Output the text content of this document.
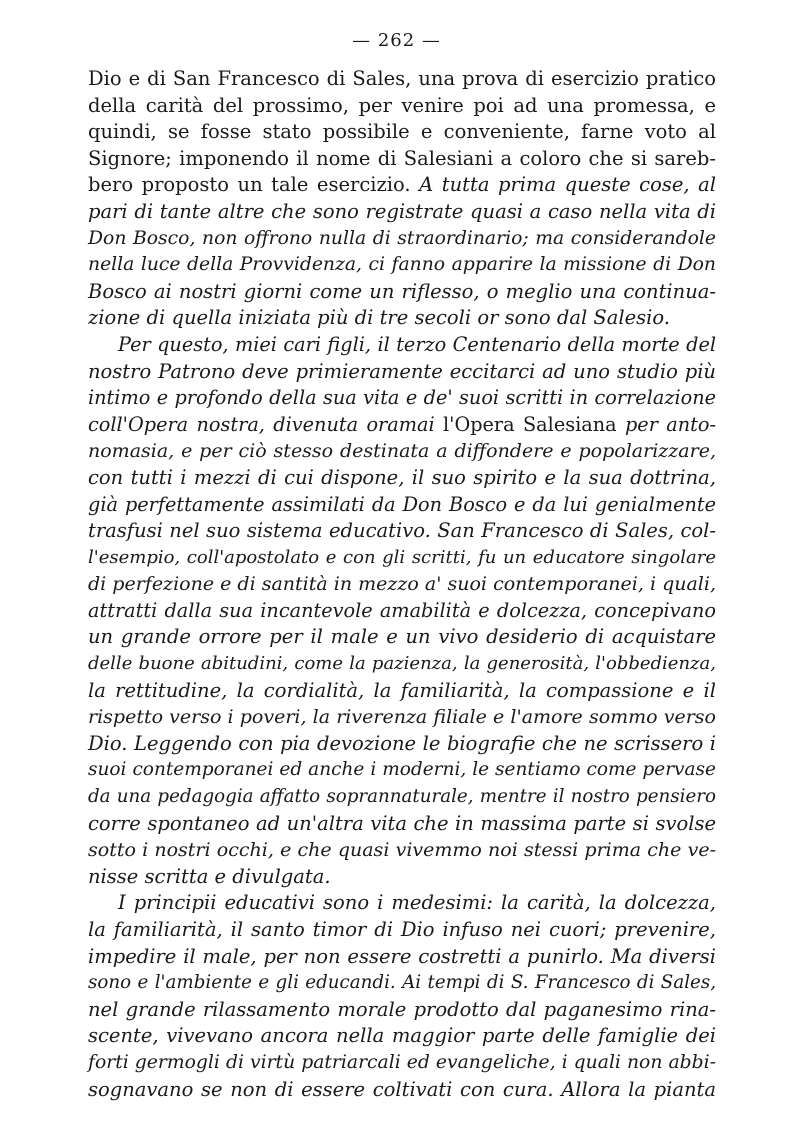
— 262 —
Dio e di San Francesco di Sales, una prova di esercizio pratico
della carità del prossimo, per venire poi ad una promessa, e
quindi, se fosse stato possibile e conveniente, farne voto al
Signore; imponendo il nome di Salesiani a coloro che si sareb-
bero proposto un tale esercizio. A tutta prima queste cose, al
pari di tante altre che sono registrate quasi a caso nella vita di
Don Bosco, non offrono nulla di straordinario; ma considerandole
nella luce della Provvidenza, ci fanno apparire la missione di Don
Bosco ai nostri giorni come un riflesso, o meglio una continua-
zione di quella iniziata più di tre secoli or sono dal Salesio.
Per questo, miei cari figli, il terzo Centenario della morte del
nostro Patrono deve primieramente eccitarci ad uno studio più
intimo e profondo della sua vita e de' suoi scritti in correlazione
coll'Opera nostra, divenuta oramai l'Opera Salesiana per anto-
nomasia, e per ciò stesso destinata a diffondere e popolarizzare,
con tutti i mezzi di cui dispone, il suo spirito e la sua dottrina,
già perfettamente assimilati da Don Bosco e da lui genialmente
trasfusi nel suo sistema educativo. San Francesco di Sales, col-
l'esempio, coll'apostolato e con gli scritti, fu un educatore singolare
di perfezione e di santità in mezzo a' suoi contemporanei, i quali,
attratti dalla sua incantevole amabilità e dolcezza, concepivano
un grande orrore per il male e un vivo desiderio di acquistare
delle buone abitudini, come la pazienza, la generosità, l'obbedienza,
la rettitudine, la cordialità, la familiarità, la compassione e il
rispetto verso i poveri, la riverenza filiale e l'amore sommo verso
Dio. Leggendo con pia devozione le biografie che ne scrissero i
suoi contemporanei ed anche i moderni, le sentiamo come pervase
da una pedagogia affatto soprannaturale, mentre il nostro pensiero
corre spontaneo ad un'altra vita che in massima parte si svolse
sotto i nostri occhi, e che quasi vivemmo noi stessi prima che ve-
nisse scritta e divulgata.
I principii educativi sono i medesimi: la carità, la dolcezza,
la familiarità, il santo timor di Dio infuso nei cuori; prevenire,
impedire il male, per non essere costretti a punirlo. Ma diversi
sono e l'ambiente e gli educandi. Ai tempi di S. Francesco di Sales,
nel grande rilassamento morale prodotto dal paganesimo rina-
scente, vivevano ancora nella maggior parte delle famiglie dei
forti germogli di virtù patriarcali ed evangeliche, i quali non abbi-
sognavano se non di essere coltivati con cura. Allora la pianta
